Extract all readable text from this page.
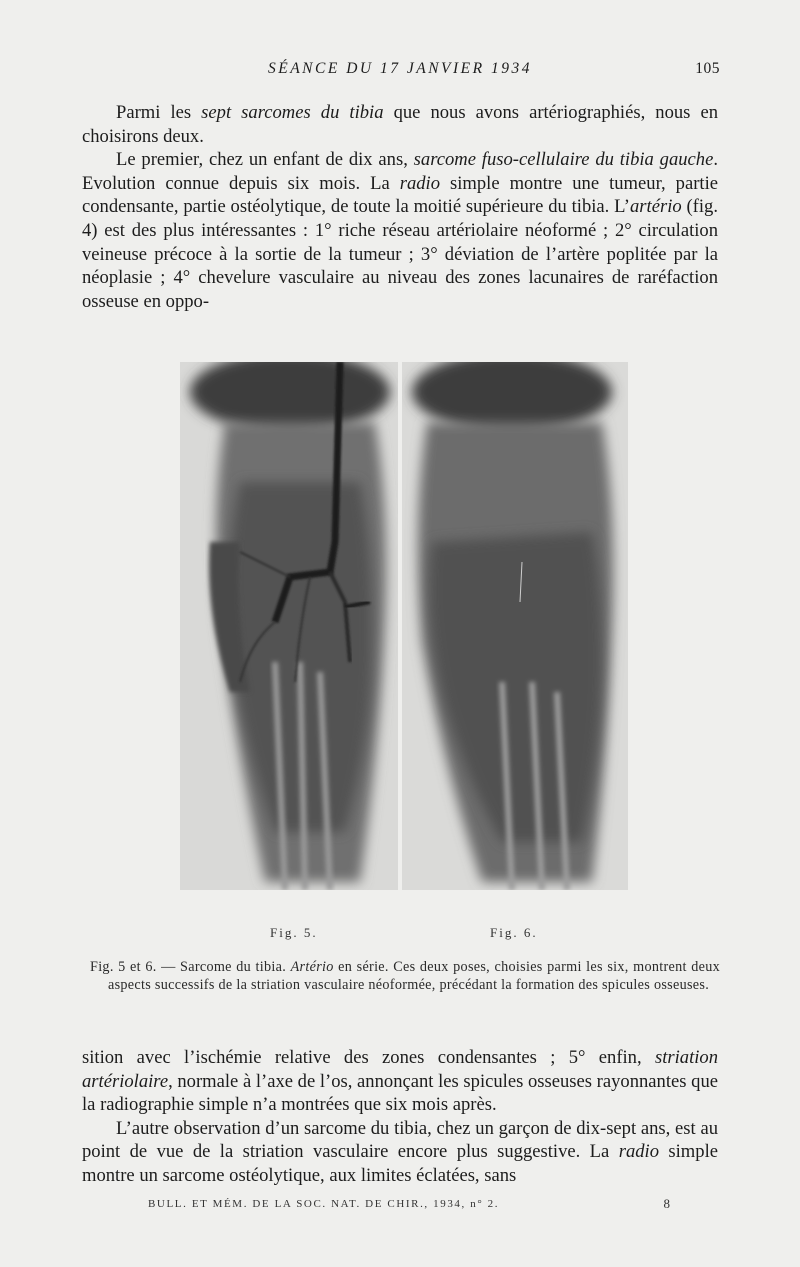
SÉANCE DU 17 JANVIER 1934	105

Parmi les sept sarcomes du tibia que nous avons artériographiés, nous en choisirons deux.

Le premier, chez un enfant de dix ans, sarcome fuso-cellulaire du tibia gauche. Evolution connue depuis six mois. La radio simple montre une tumeur, partie condensante, partie ostéolytique, de toute la moitié supérieure du tibia. L’artério (fig. 4) est des plus intéressantes : 1° riche réseau artériolaire néoformé ; 2° circulation veineuse précoce à la sortie de la tumeur ; 3° déviation de l’artère poplitée par la néoplasie ; 4° chevelure vasculaire au niveau des zones lacunaires de raréfaction osseuse en oppo-

Fig. 5.	Fig. 6.
Fig. 5 et 6. — Sarcome du tibia. Artério en série. Ces deux poses, choisies parmi les six, montrent deux aspects successifs de la striation vasculaire néoformée, précédant la formation des spicules osseuses.

sition avec l’ischémie relative des zones condensantes ; 5° enfin, striation artériolaire, normale à l’axe de l’os, annonçant les spicules osseuses rayonnantes que la radiographie simple n’a montrées que six mois après.

L’autre observation d’un sarcome du tibia, chez un garçon de dix-sept ans, est au point de vue de la striation vasculaire encore plus suggestive. La radio simple montre un sarcome ostéolytique, aux limites éclatées, sans

BULL. ET MÉM. DE LA SOC. NAT. DE CHIR., 1934, n° 2.	8
